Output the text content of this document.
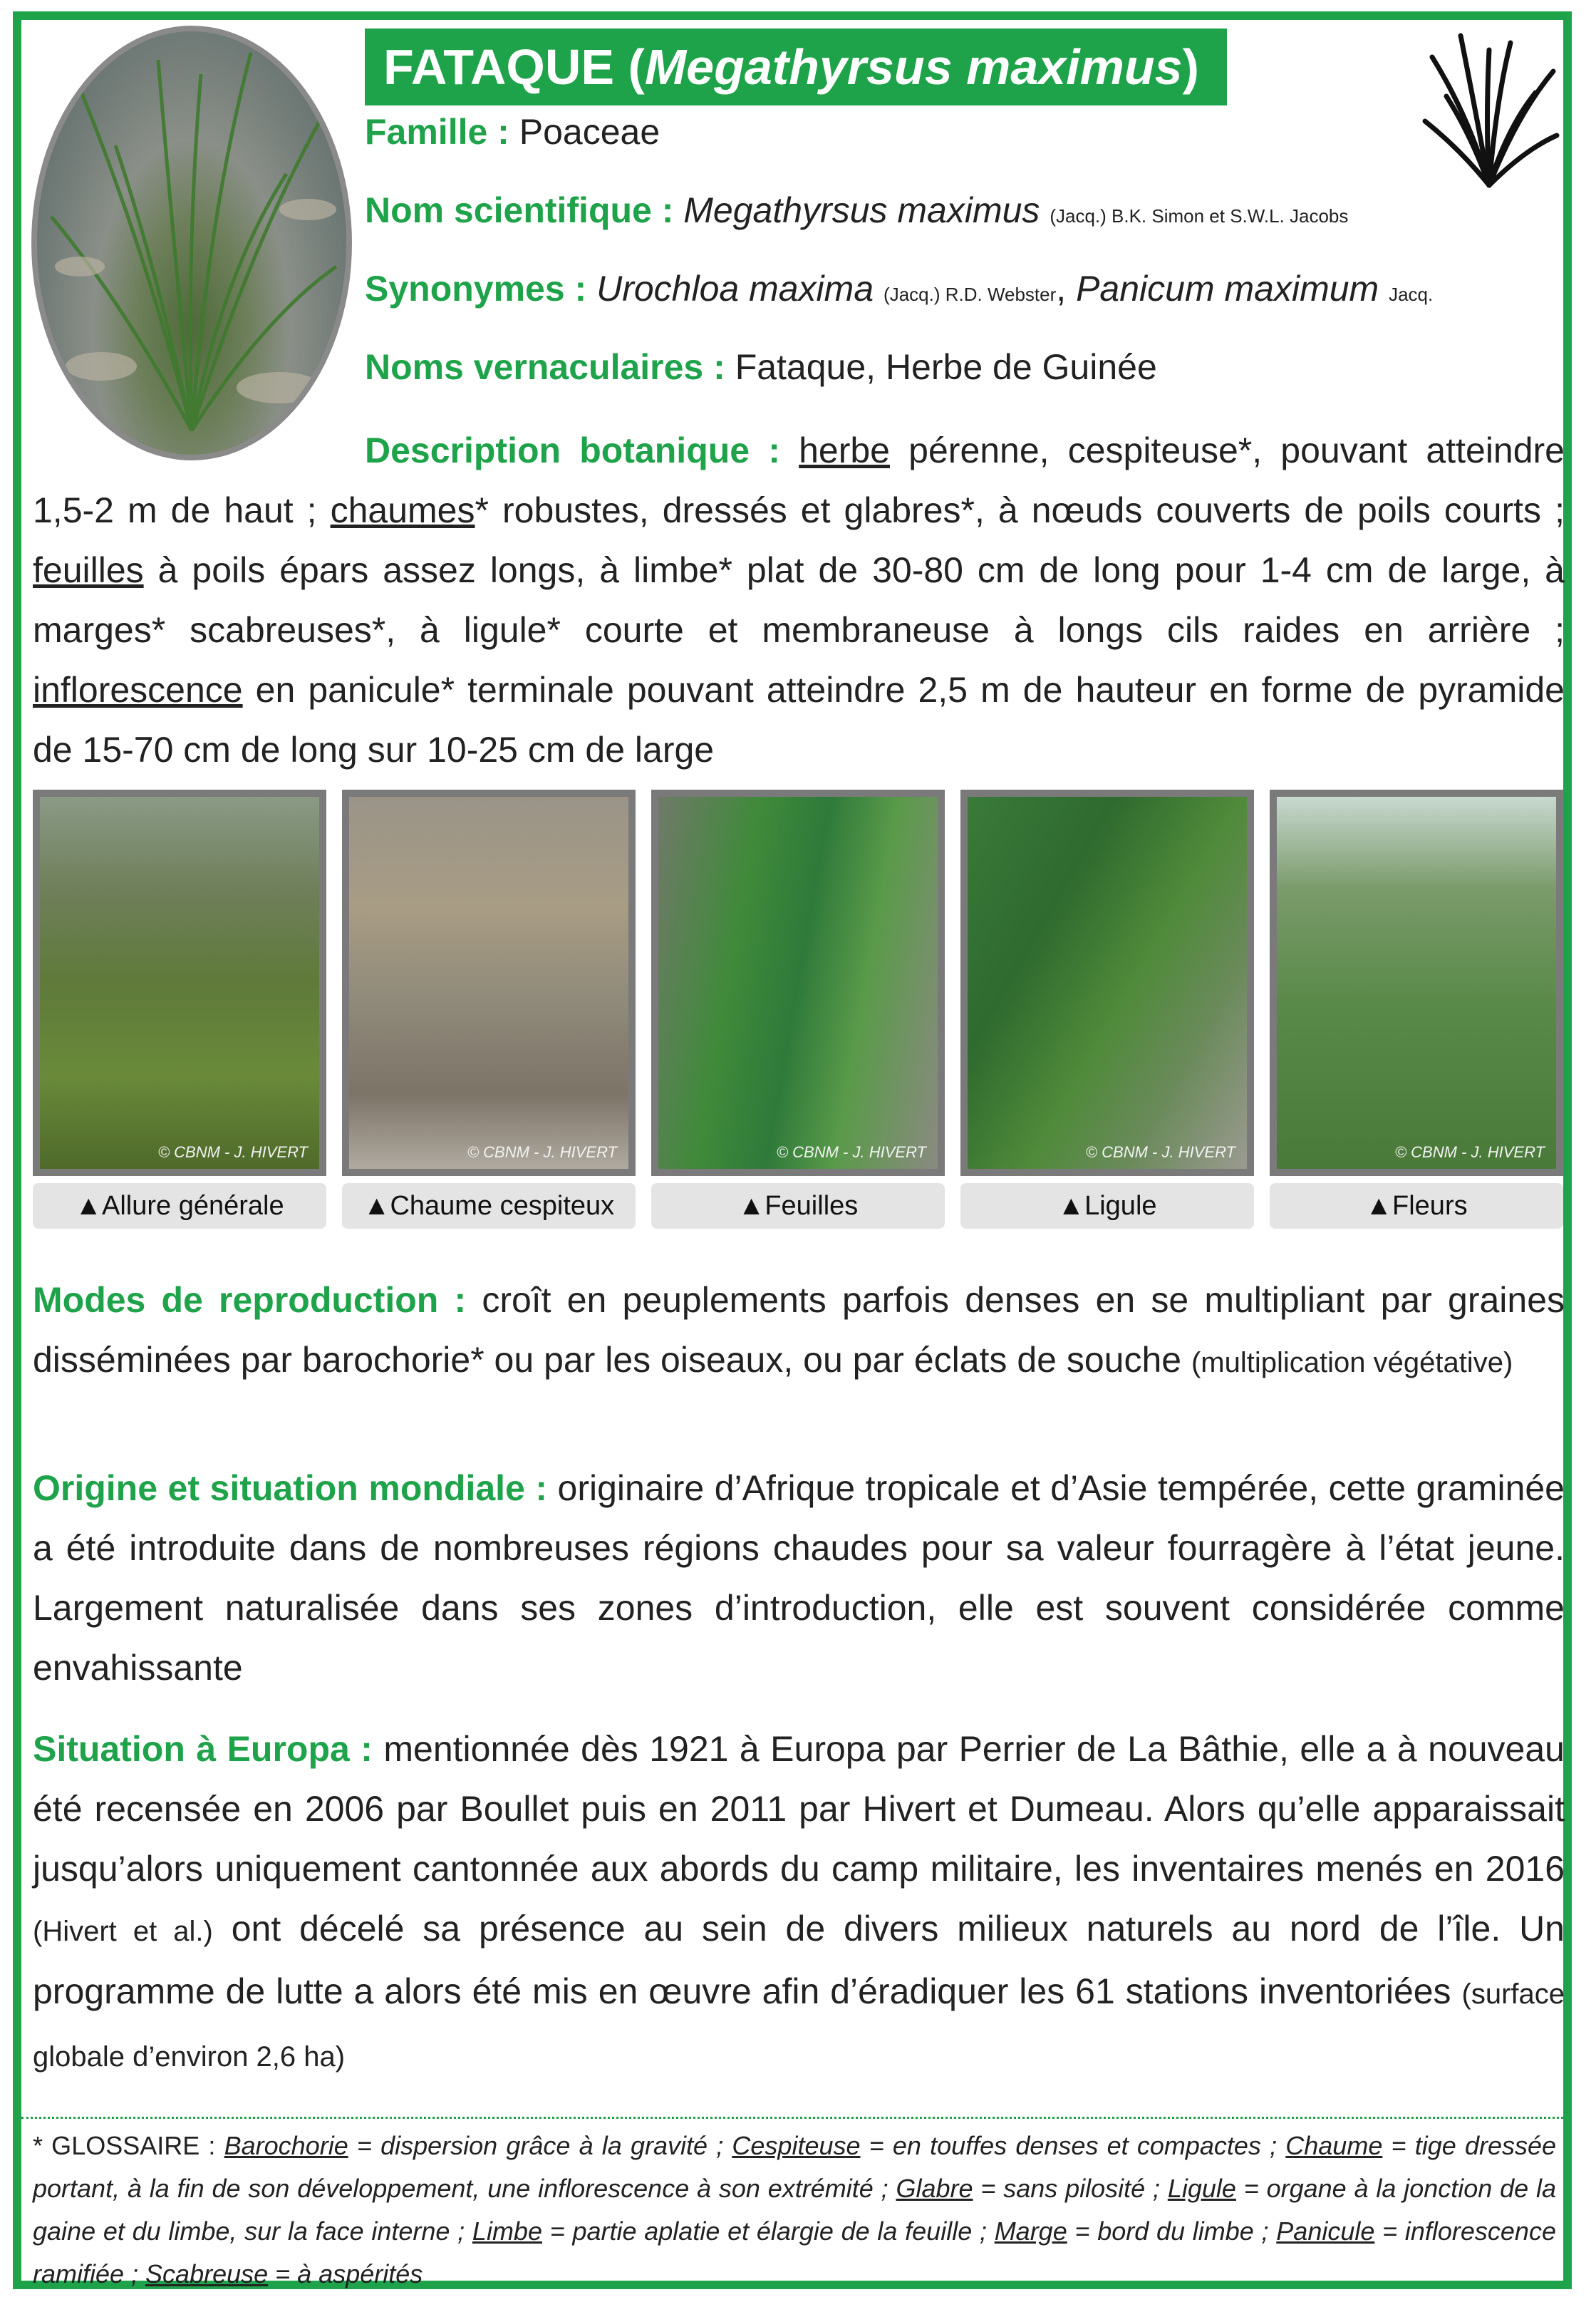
FATAQUE (Megathyrsus maximus)
Famille : Poaceae
Nom scientifique : Megathyrsus maximus (Jacq.) B.K. Simon et S.W.L. Jacobs
Synonymes : Urochloa maxima (Jacq.) R.D. Webster, Panicum maximum Jacq.
Noms vernaculaires : Fataque, Herbe de Guinée
Description botanique : herbe pérenne, cespiteuse*, pouvant atteindre 1,5-2 m de haut ; chaumes* robustes, dressés et glabres*, à nœuds couverts de poils courts ; feuilles à poils épars assez longs, à limbe* plat de 30-80 cm de long pour 1-4 cm de large, à marges* scabreuses*, à ligule* courte et membraneuse à longs cils raides en arrière ; inflorescence en panicule* terminale pouvant atteindre 2,5 m de hauteur en forme de pyramide de 15-70 cm de long sur 10-25 cm de large
© CBNM - J. HIVERT
▲Allure générale
© CBNM - J. HIVERT
▲Chaume cespiteux
© CBNM - J. HIVERT
▲Feuilles
© CBNM - J. HIVERT
▲Ligule
© CBNM - J. HIVERT
▲Fleurs
Modes de reproduction : croît en peuplements parfois denses en se multipliant par graines disséminées par barochorie* ou par les oiseaux, ou par éclats de souche (multiplication végétative)
Origine et situation mondiale : originaire d’Afrique tropicale et d’Asie tempérée, cette graminée a été introduite dans de nombreuses régions chaudes pour sa valeur fourragère à l’état jeune. Largement naturalisée dans ses zones d’introduction, elle est souvent considérée comme envahissante
Situation à Europa : mentionnée dès 1921 à Europa par Perrier de La Bâthie, elle a à nouveau été recensée en 2006 par Boullet puis en 2011 par Hivert et Dumeau. Alors qu’elle apparaissait jusqu’alors uniquement cantonnée aux abords du camp militaire, les inventaires menés en 2016 (Hivert et al.) ont décelé sa présence au sein de divers milieux naturels au nord de l’île. Un programme de lutte a alors été mis en œuvre afin d’éradiquer les 61 stations inventoriées (surface globale d’environ 2,6 ha)
* GLOSSAIRE : Barochorie = dispersion grâce à la gravité ; Cespiteuse = en touffes denses et compactes ; Chaume = tige dressée portant, à la fin de son développement, une inflorescence à son extrémité ; Glabre = sans pilosité ; Ligule = organe à la jonction de la gaine et du limbe, sur la face interne ; Limbe = partie aplatie et élargie de la feuille ; Marge = bord du limbe ; Panicule = inflorescence ramifiée ; Scabreuse = à aspérités
